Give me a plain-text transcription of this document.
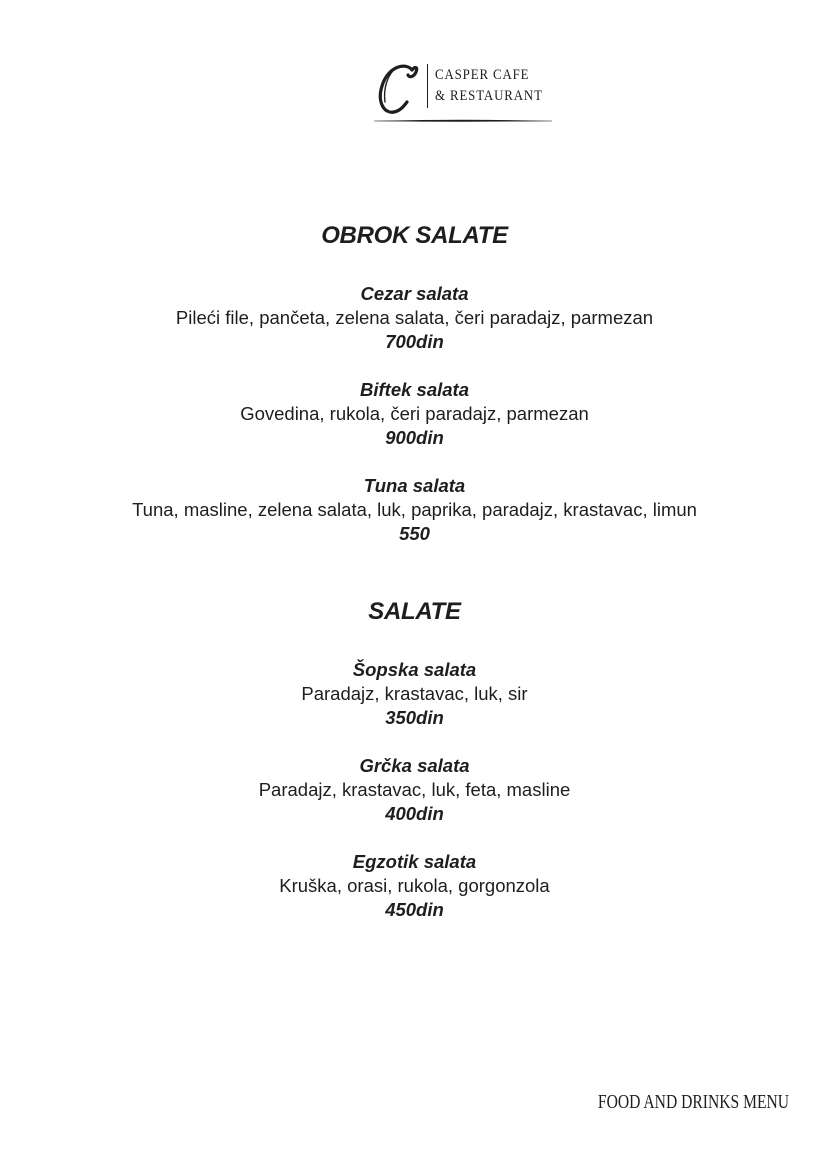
CASPER CAFE
& RESTAURANT
OBROK SALATE
Cezar salata
Pileći file, pančeta, zelena salata, čeri paradajz, parmezan
700din
Biftek salata
Govedina, rukola, čeri paradajz, parmezan
900din
Tuna salata
Tuna, masline, zelena salata, luk, paprika, paradajz, krastavac, limun
550
SALATE
Šopska salata
Paradajz, krastavac, luk, sir
350din
Grčka salata
Paradajz, krastavac, luk, feta, masline
400din
Egzotik salata
Kruška, orasi, rukola, gorgonzola
450din
FOOD AND DRINKS MENU
